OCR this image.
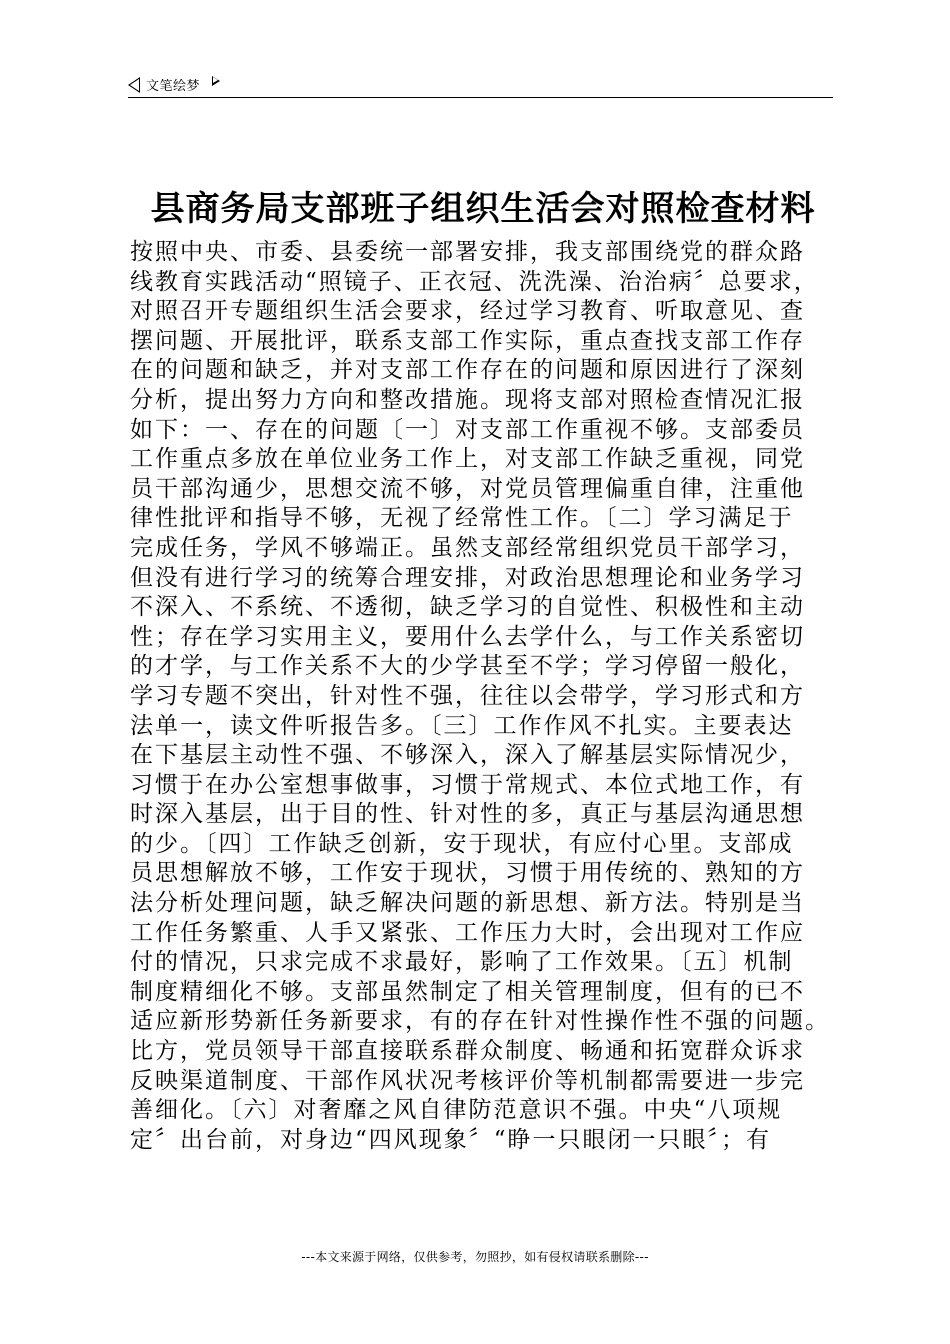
文笔绘梦
县商务局支部班子组织生活会对照检查材料
按照中央、市委、县委统一部署安排，我支部围绕党的群众路
线教育实践活动“照镜子、正衣冠、洗洗澡、治治病〞总要求，
对照召开专题组织生活会要求，经过学习教育、听取意见、查
摆问题、开展批评，联系支部工作实际，重点查找支部工作存
在的问题和缺乏，并对支部工作存在的问题和原因进行了深刻
分析，提出努力方向和整改措施。现将支部对照检查情况汇报
如下：一、存在的问题〔一〕对支部工作重视不够。支部委员
工作重点多放在单位业务工作上，对支部工作缺乏重视，同党
员干部沟通少，思想交流不够，对党员管理偏重自律，注重他
律性批评和指导不够，无视了经常性工作。〔二〕学习满足于
完成任务，学风不够端正。虽然支部经常组织党员干部学习，
但没有进行学习的统筹合理安排，对政治思想理论和业务学习
不深入、不系统、不透彻，缺乏学习的自觉性、积极性和主动
性；存在学习实用主义，要用什么去学什么，与工作关系密切
的才学，与工作关系不大的少学甚至不学；学习停留一般化，
学习专题不突出，针对性不强，往往以会带学，学习形式和方
法单一，读文件听报告多。〔三〕工作作风不扎实。主要表达
在下基层主动性不强、不够深入，深入了解基层实际情况少，
习惯于在办公室想事做事，习惯于常规式、本位式地工作，有
时深入基层，出于目的性、针对性的多，真正与基层沟通思想
的少。〔四〕工作缺乏创新，安于现状，有应付心里。支部成
员思想解放不够，工作安于现状，习惯于用传统的、熟知的方
法分析处理问题，缺乏解决问题的新思想、新方法。特别是当
工作任务繁重、人手又紧张、工作压力大时，会出现对工作应
付的情况，只求完成不求最好，影响了工作效果。〔五〕机制
制度精细化不够。支部虽然制定了相关管理制度，但有的已不
适应新形势新任务新要求，有的存在针对性操作性不强的问题。
比方，党员领导干部直接联系群众制度、畅通和拓宽群众诉求
反映渠道制度、干部作风状况考核评价等机制都需要进一步完
善细化。〔六〕对奢靡之风自律防范意识不强。中央“八项规
定〞出台前，对身边“四风现象〞“睁一只眼闭一只眼〞；有
---本文来源于网络，仅供参考，勿照抄，如有侵权请联系删除---
